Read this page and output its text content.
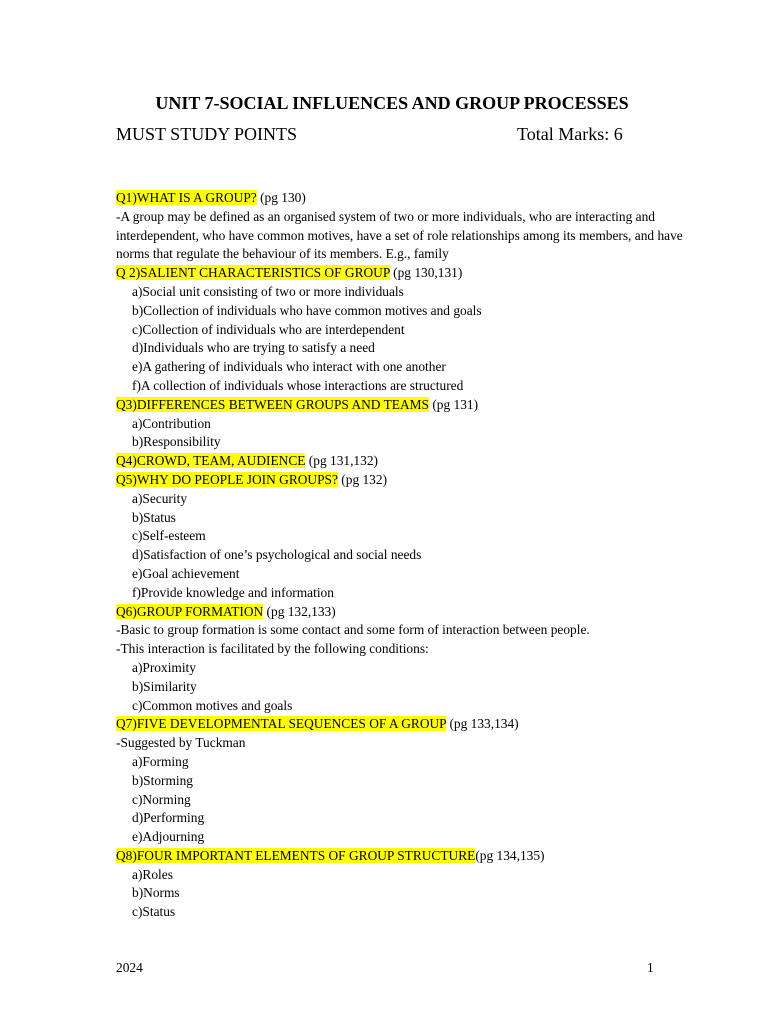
UNIT 7-SOCIAL INFLUENCES AND GROUP PROCESSES
MUST STUDY POINTS	Total Marks: 6
Q1)WHAT IS A GROUP? (pg 130)
-A group may be defined as an organised system of two or more individuals, who are interacting and
interdependent, who have common motives, have a set of role relationships among its members, and have
norms that regulate the behaviour of its members. E.g., family
Q 2)SALIENT CHARACTERISTICS OF GROUP (pg 130,131)
a)Social unit consisting of two or more individuals
b)Collection of individuals who have common motives and goals
c)Collection of individuals who are interdependent
d)Individuals who are trying to satisfy a need
e)A gathering of individuals who interact with one another
f)A collection of individuals whose interactions are structured
Q3)DIFFERENCES BETWEEN GROUPS AND TEAMS (pg 131)
a)Contribution
b)Responsibility
Q4)CROWD, TEAM, AUDIENCE (pg 131,132)
Q5)WHY DO PEOPLE JOIN GROUPS? (pg 132)
a)Security
b)Status
c)Self-esteem
d)Satisfaction of one’s psychological and social needs
e)Goal achievement
f)Provide knowledge and information
Q6)GROUP FORMATION (pg 132,133)
-Basic to group formation is some contact and some form of interaction between people.
-This interaction is facilitated by the following conditions:
a)Proximity
b)Similarity
c)Common motives and goals
Q7)FIVE DEVELOPMENTAL SEQUENCES OF A GROUP (pg 133,134)
-Suggested by Tuckman
a)Forming
b)Storming
c)Norming
d)Performing
e)Adjourning
Q8)FOUR IMPORTANT ELEMENTS OF GROUP STRUCTURE(pg 134,135)
a)Roles
b)Norms
c)Status
2024	1
